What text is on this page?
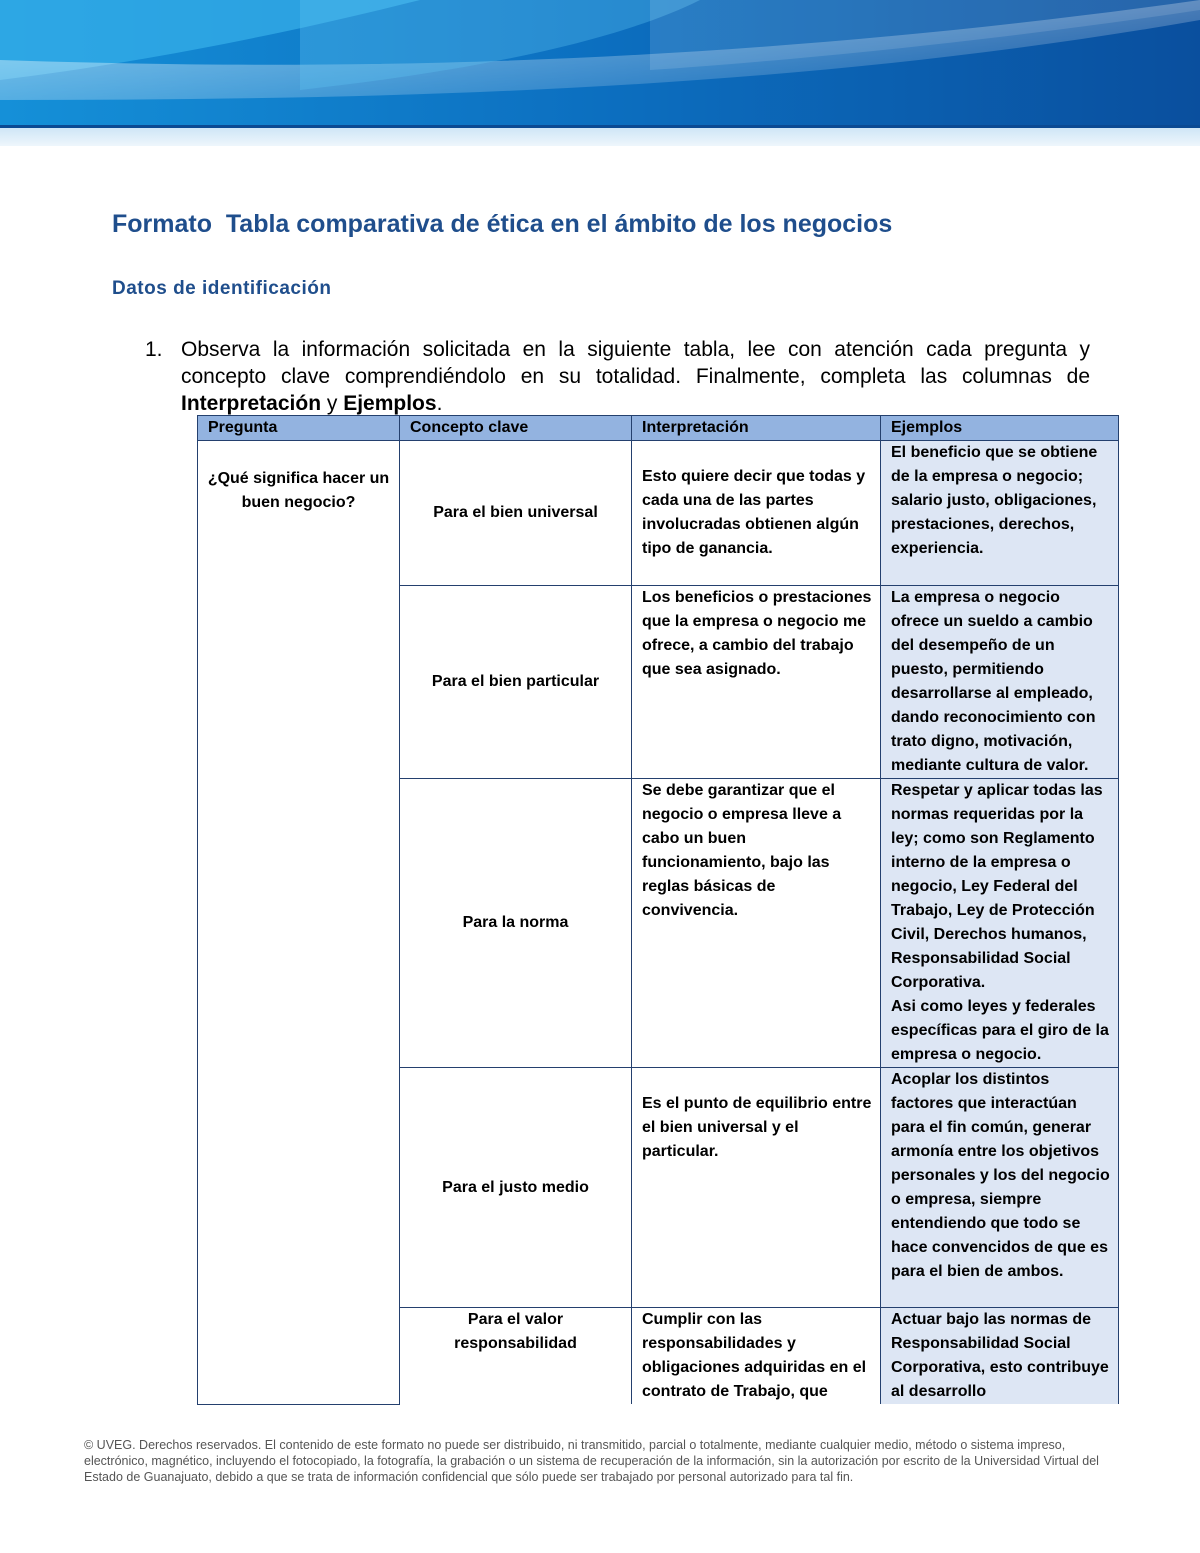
Formato  Tabla comparativa de ética en el ámbito de los negocios
Datos de identificación
1. Observa la información solicitada en la siguiente tabla, lee con atención cada pregunta y concepto clave comprendiéndolo en su totalidad. Finalmente, completa las columnas de Interpretación y Ejemplos.
Pregunta	Concepto clave	Interpretación	Ejemplos
¿Qué significa hacer un buen negocio?	Para el bien universal	Esto quiere decir que todas y cada una de las partes involucradas obtienen algún tipo de ganancia.	El beneficio que se obtiene de la empresa o negocio; salario justo, obligaciones, prestaciones, derechos, experiencia.
	Para el bien particular	Los beneficios o prestaciones que la empresa o negocio me ofrece, a cambio del trabajo que sea asignado.	La empresa o negocio ofrece un sueldo a cambio del desempeño de un puesto, permitiendo desarrollarse al empleado, dando reconocimiento con trato digno, motivación, mediante cultura de valor.
	Para la norma	Se debe garantizar que el negocio o empresa lleve a cabo un buen funcionamiento, bajo las reglas básicas de convivencia.	Respetar y aplicar todas las normas requeridas por la ley; como son Reglamento interno de la empresa o negocio, Ley Federal del Trabajo, Ley de Protección Civil, Derechos humanos, Responsabilidad Social Corporativa.
Asi como leyes y federales específicas para el giro de la empresa o negocio.

	Para el justo medio	Es el punto de equilibrio entre el bien universal y el particular.	Acoplar los distintos factores que interactúan para el fin común, generar armonía entre los objetivos personales y los del negocio o empresa, siempre entendiendo que todo se hace convencidos de que es para el bien de ambos.
	Para el valor responsabilidad	Cumplir con las responsabilidades y obligaciones adquiridas en el contrato de Trabajo, que	Actuar bajo las normas de Responsabilidad Social Corporativa, esto contribuye al desarrollo
© UVEG. Derechos reservados. El contenido de este formato no puede ser distribuido, ni transmitido, parcial o totalmente, mediante cualquier medio, método o sistema impreso, electrónico, magnético, incluyendo el fotocopiado, la fotografía, la grabación o un sistema de recuperación de la información, sin la autorización por escrito de la Universidad Virtual del Estado de Guanajuato, debido a que se trata de información confidencial que sólo puede ser trabajado por personal autorizado para tal fin.
